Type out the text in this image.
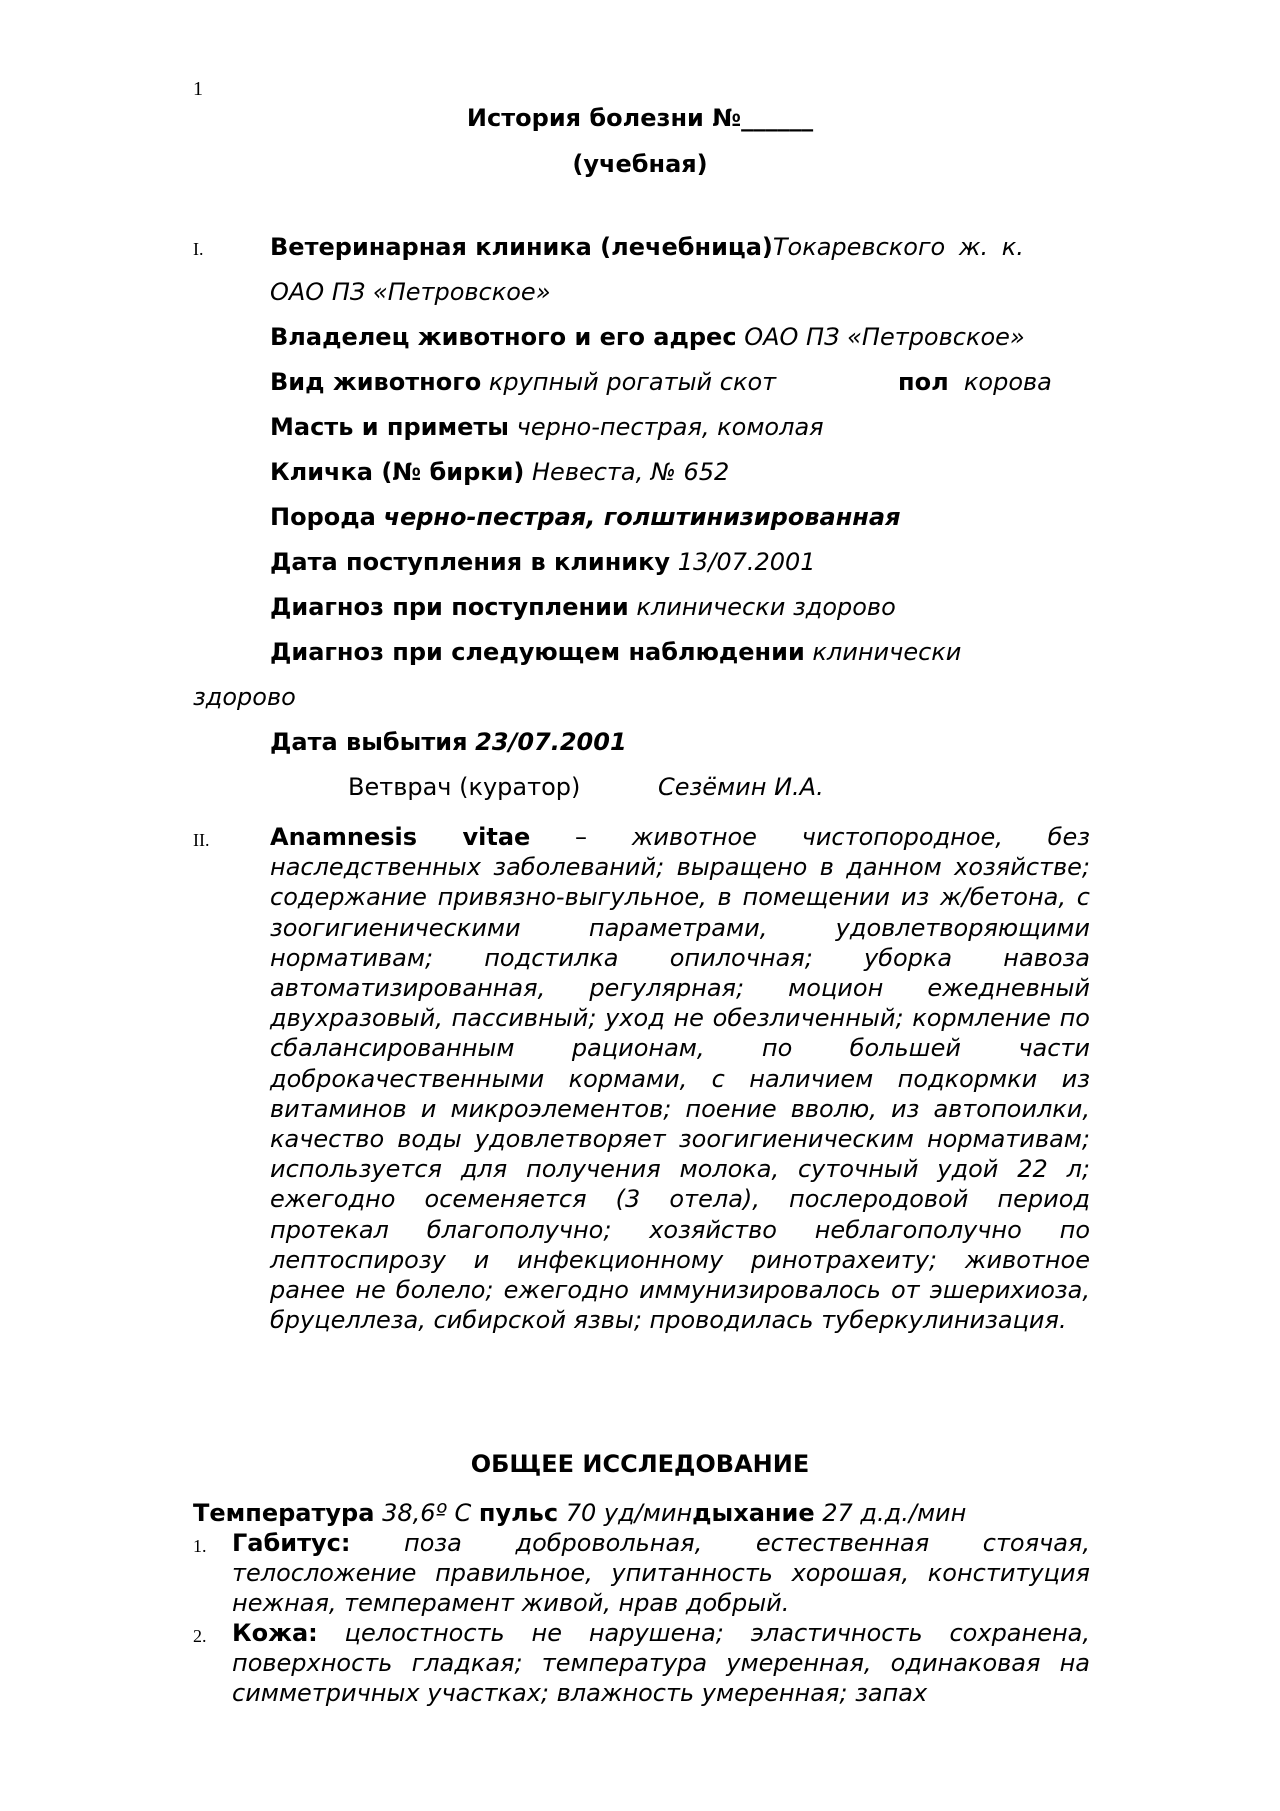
1
История болезни №______
(учебная)
I.	Ветеринарная клиника (лечебница)Токаревского ж. к.
ОАО ПЗ «Петровское»
Владелец животного и его адрес ОАО ПЗ «Петровское»
Вид животного крупный рогатый скот	пол корова
Масть и приметы черно-пестрая, комолая
Кличка (№ бирки) Невеста, № 652
Порода черно-пестрая, голштинизированная
Дата поступления в клинику 13/07.2001
Диагноз при поступлении клинически здорово
Диагноз при следующем наблюдении клинически
здорово
Дата выбытия 23/07.2001
Ветврач (куратор)	Сезёмин И.А.
II.	Anamnesis vitae – животное чистопородное, без наследственных заболеваний; выращено в данном хозяйстве; содержание привязно-выгульное, в помещении из ж/бетона, с зоогигиеническими параметрами, удовлетворяющими нормативам; подстилка опилочная; уборка навоза автоматизированная, регулярная; моцион ежедневный двухразовый, пассивный; уход не обезличенный; кормление по сбалансированным рационам, по большей части доброкачественными кормами, с наличием подкормки из витаминов и микроэлементов; поение вволю, из автопоилки, качество воды удовлетворяет зоогигиеническим нормативам; используется для получения молока, суточный удой 22 л; ежегодно осеменяется (3 отела), послеродовой период протекал благополучно; хозяйство неблагополучно по лептоспирозу и инфекционному ринотрахеиту; животное ранее не болело; ежегодно иммунизировалось от эшерихиоза, бруцеллеза, сибирской язвы; проводилась туберкулинизация.
ОБЩЕЕ ИССЛЕДОВАНИЕ
Температура 38,6º С пульс 70 уд/миндыхание 27 д.д./мин
1. Габитус: поза добровольная, естественная стоячая, телосложение правильное, упитанность хорошая, конституция нежная, темперамент живой, нрав добрый.
2. Кожа: целостность не нарушена; эластичность сохранена, поверхность гладкая; температура умеренная, одинаковая на симметричных участках; влажность умеренная; запах
